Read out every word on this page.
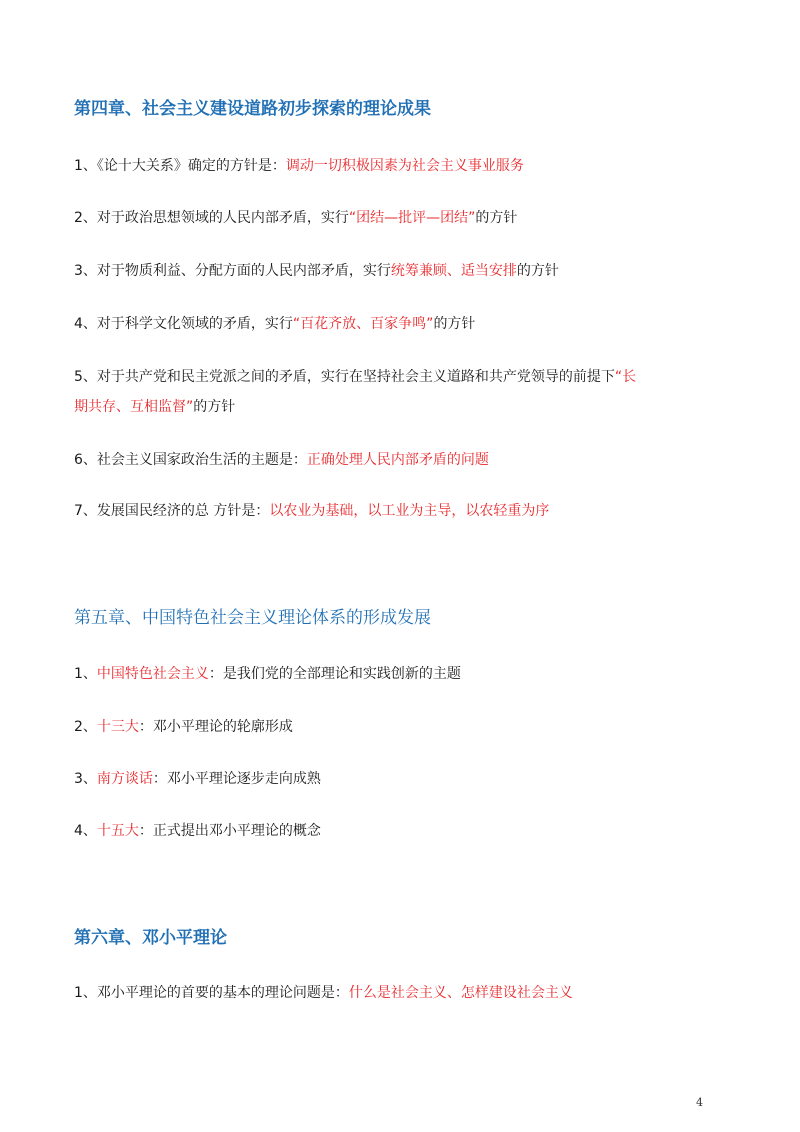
第四章、社会主义建设道路初步探索的理论成果
1、《论十大关系》确定的方针是：调动一切积极因素为社会主义事业服务
2、对于政治思想领域的人民内部矛盾，实行“团结—批评—团结”的方针
3、对于物质利益、分配方面的人民内部矛盾，实行统筹兼顾、适当安排的方针
4、对于科学文化领域的矛盾，实行“百花齐放、百家争鸣”的方针
5、对于共产党和民主党派之间的矛盾，实行在坚持社会主义道路和共产党领导的前提下“长
期共存、互相监督”的方针
6、社会主义国家政治生活的主题是：正确处理人民内部矛盾的问题
7、发展国民经济的总 方针是：以农业为基础，以工业为主导，以农轻重为序
第五章、中国特色社会主义理论体系的形成发展
1、中国特色社会主义：是我们党的全部理论和实践创新的主题
2、十三大：邓小平理论的轮廓形成
3、南方谈话：邓小平理论逐步走向成熟
4、十五大：正式提出邓小平理论的概念
第六章、邓小平理论
1、邓小平理论的首要的基本的理论问题是：什么是社会主义、怎样建设社会主义
4
